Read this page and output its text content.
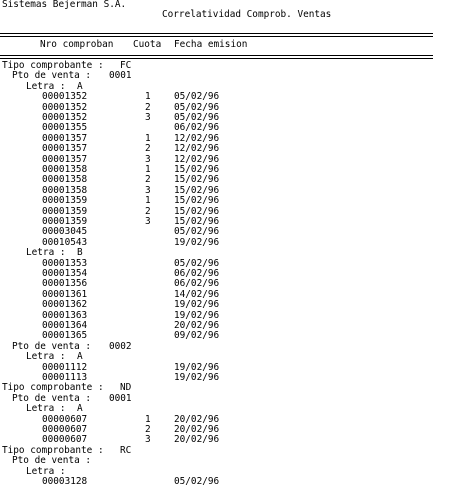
Sistemas Bejerman S.A.
Correlatividad Comprob. Ventas
Nro comproban Cuota Fecha emision
Tipo comprobante : FC
Pto de venta : 0001
Letra : A
00001352	1 05/02/96
00001352	2 05/02/96
00001352	3 05/02/96
00001355	06/02/96
00001357	1 12/02/96
00001357	2 12/02/96
00001357	3 12/02/96
00001358	1 15/02/96
00001358	2 15/02/96
00001358	3 15/02/96
00001359	1 15/02/96
00001359	2 15/02/96
00001359	3 15/02/96
00003045	05/02/96
00010543	19/02/96
Letra : B
00001353	05/02/96
00001354	06/02/96
00001356	06/02/96
00001361	14/02/96
00001362	19/02/96
00001363	19/02/96
00001364	20/02/96
00001365	09/02/96
Pto de venta : 0002
Letra : A
00001112	19/02/96
00001113	19/02/96
Tipo comprobante : ND
Pto de venta : 0001
Letra : A
00000607	1 20/02/96
00000607	2 20/02/96
00000607	3 20/02/96
Tipo comprobante : RC
Pto de venta :
Letra :
00003128	05/02/96
